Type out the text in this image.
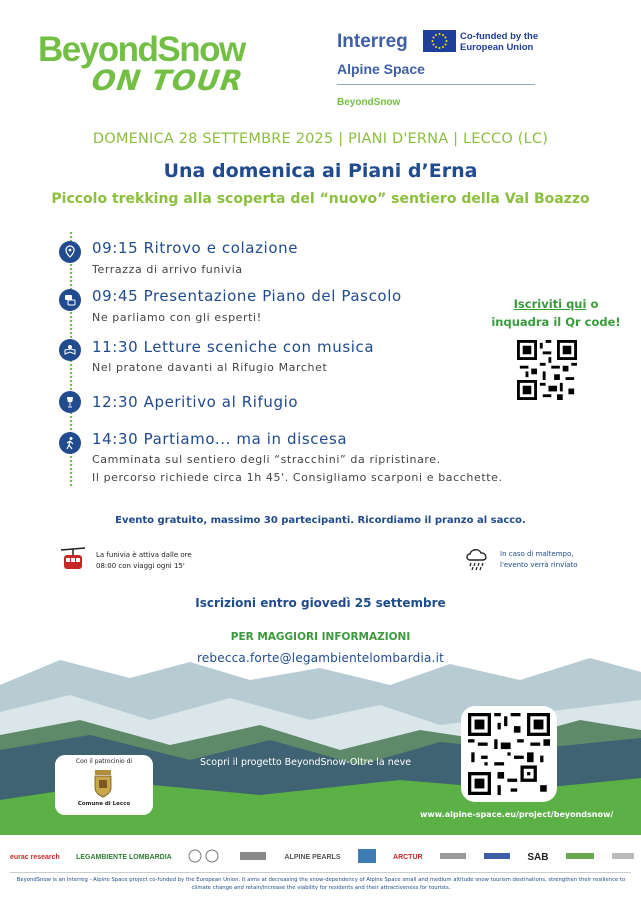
BeyondSnow
ON TOUR
Interreg	Co-funded by the European Union
Alpine Space
BeyondSnow
DOMENICA 28 SETTEMBRE 2025 | PIANI D'ERNA | LECCO (LC)
Una domenica ai Piani d’Erna
Piccolo trekking alla scoperta del “nuovo” sentiero della Val Boazzo
09:15 Ritrovo e colazione
Terrazza di arrivo funivia
09:45 Presentazione Piano del Pascolo
Ne parliamo con gli esperti!
11:30 Letture sceniche con musica
Nel pratone davanti al Rifugio Marchet
12:30 Aperitivo al Rifugio
14:30 Partiamo... ma in discesa
Camminata sul sentiero degli “stracchini” da ripristinare.
Il percorso richiede circa 1h 45'. Consigliamo scarponi e bacchette.
Iscriviti qui o
inquadra il Qr code!
Evento gratuito, massimo 30 partecipanti. Ricordiamo il pranzo al sacco.
La funivia è attiva dalle ore
08:00 con viaggi ogni 15'
In caso di maltempo,
l'evento verrà rinviato
Iscrizioni entro giovedì 25 settembre
PER MAGGIORI INFORMAZIONI
rebecca.forte@legambientelombardia.it
Con il patrocinio di
Comune di Lecco
Scopri il progetto BeyondSnow-Oltre la neve
www.alpine-space.eu/project/beyondsnow/
eurac research LEGAMBIENTE LOMBARDIA	ALPINE PEARLS	ARCTUR	SAB
BeyondSnow is an Interreg - Alpine Space project co-funded by the European Union. It aims at decreasing the snow-dependency of Alpine Space small and medium altitude snow tourism destinations, strengthen their resilience to climate change and retain/increase the viability for residents and their attractiveness for tourists.
